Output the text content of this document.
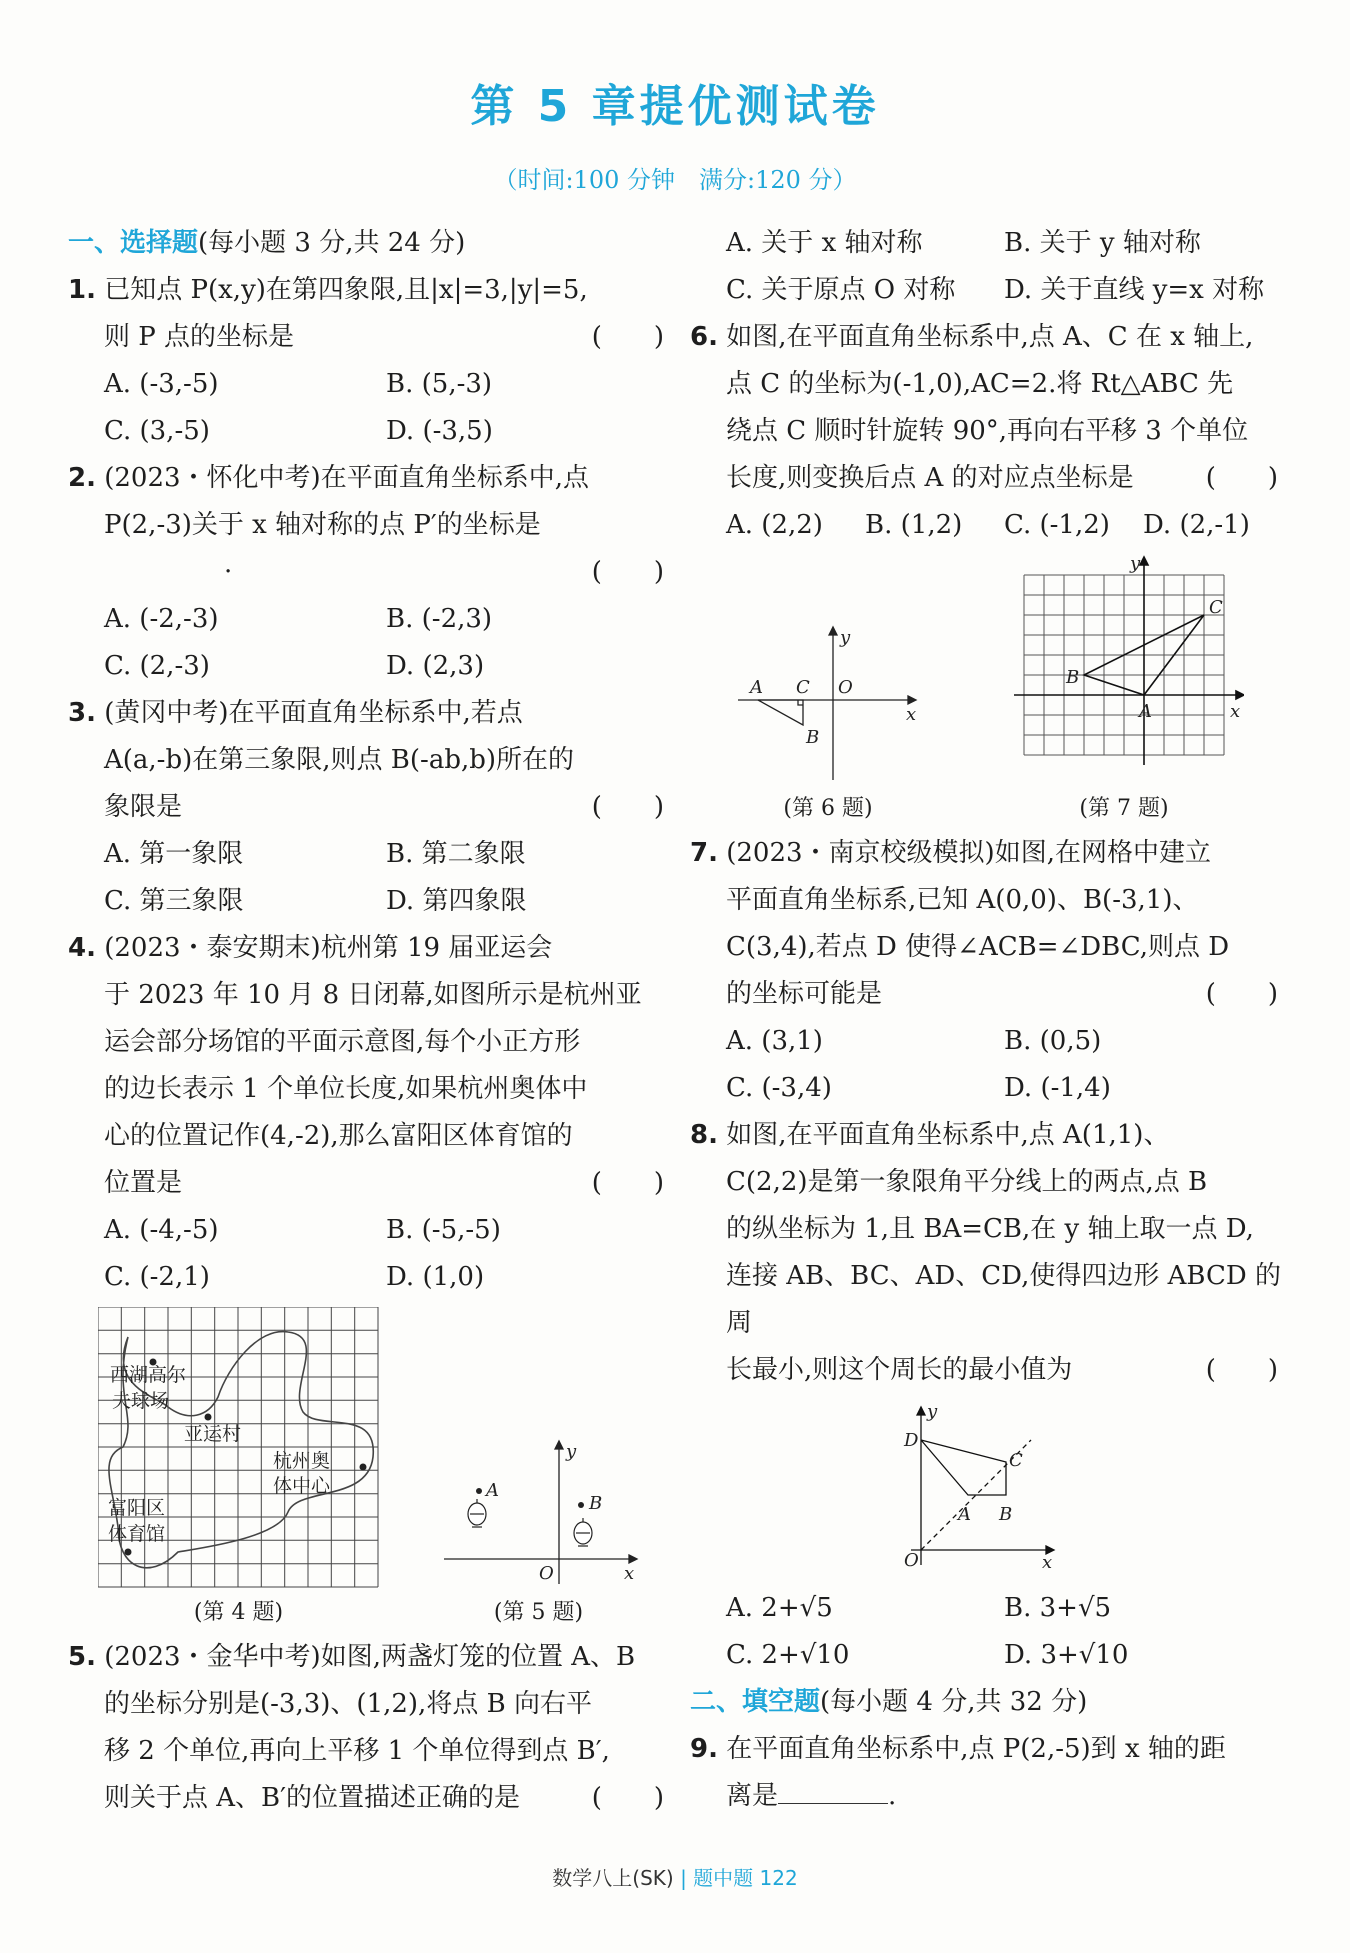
第 5 章提优测试卷
（时间:100 分钟　满分:120 分）
一、选择题(每小题 3 分,共 24 分)
1. 已知点 P(x,y)在第四象限,且|x|=3,|y|=5,
则 P 点的坐标是	(　　)
A. (-3,-5)	B. (5,-3)
C. (3,-5)	D. (-3,5)
2. (2023・怀化中考)在平面直角坐标系中,点
P(2,-3)关于 x 轴对称的点 P′的坐标是
·	(　　)
A. (-2,-3)	B. (-2,3)
C. (2,-3)	D. (2,3)
3. (黄冈中考)在平面直角坐标系中,若点
A(a,-b)在第三象限,则点 B(-ab,b)所在的
象限是	(　　)
A. 第一象限	B. 第二象限
C. 第三象限	D. 第四象限
4. (2023・泰安期末)杭州第 19 届亚运会
于 2023 年 10 月 8 日闭幕,如图所示是杭州亚
运会部分场馆的平面示意图,每个小正方形
的边长表示 1 个单位长度,如果杭州奥体中
心的位置记作(4,-2),那么富阳区体育馆的
位置是	(　　)
A. (-4,-5)	B. (-5,-5)
C. (-2,1)	D. (1,0)
西湖高尔
夫球场
亚运村
杭州奥
体中心
富阳区
体育馆
(第 4 题)
A
B
O	x
y
(第 5 题)
5. (2023・金华中考)如图,两盏灯笼的位置 A、B
的坐标分别是(-3,3)、(1,2),将点 B 向右平
移 2 个单位,再向上平移 1 个单位得到点 B′,
则关于点 A、B′的位置描述正确的是	(　　)
A. 关于 x 轴对称	B. 关于 y 轴对称
C. 关于原点 O 对称	D. 关于直线 y=x 对称
6. 如图,在平面直角坐标系中,点 A、C 在 x 轴上,
点 C 的坐标为(-1,0),AC=2.将 Rt△ABC 先
绕点 C 顺时针旋转 90°,再向右平移 3 个单位
长度,则变换后点 A 的对应点坐标是	(　　)
A. (2,2)	B. (1,2)	C. (-1,2)	D. (2,-1)
A C O
B
x
y
(第 6 题)
C
B
A	x
y
(第 7 题)
7. (2023・南京校级模拟)如图,在网格中建立
平面直角坐标系,已知 A(0,0)、B(-3,1)、
C(3,4),若点 D 使得∠ACB=∠DBC,则点 D
的坐标可能是	(　　)
A. (3,1)	B. (0,5)
C. (-3,4)	D. (-1,4)
8. 如图,在平面直角坐标系中,点 A(1,1)、
C(2,2)是第一象限角平分线上的两点,点 B
的纵坐标为 1,且 BA=CB,在 y 轴上取一点 D,
连接 AB、BC、AD、CD,使得四边形 ABCD 的周
长最小,则这个周长的最小值为	(　　)
D
C
A B
O	x
y
A. 2+√5	B. 3+√5
C. 2+√10	D. 3+√10
二、填空题(每小题 4 分,共 32 分)
9. 在平面直角坐标系中,点 P(2,-5)到 x 轴的距
离是	.
数学八上(SK) | 题中题 122
